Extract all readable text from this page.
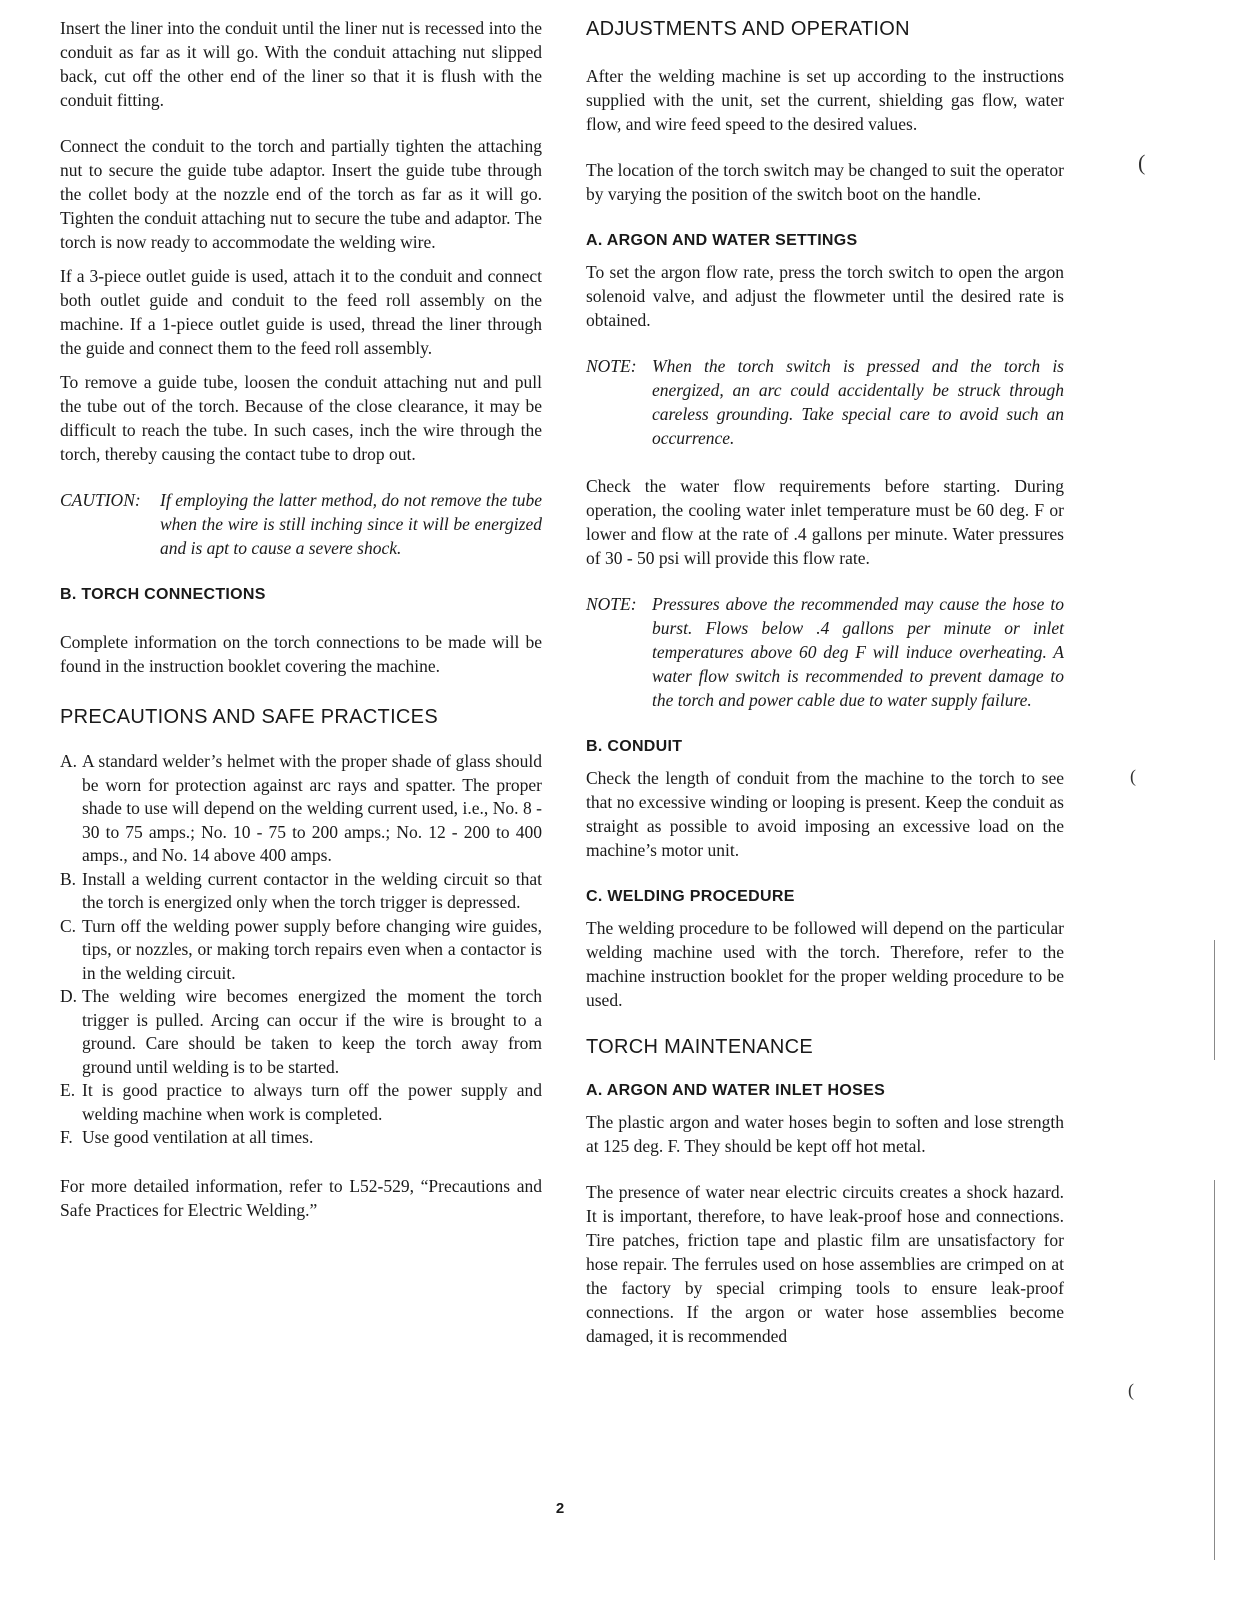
Insert the liner into the conduit until the liner nut is recessed into the conduit as far as it will go. With the conduit attaching nut slipped back, cut off the other end of the liner so that it is flush with the conduit fitting.

Connect the conduit to the torch and partially tighten the attaching nut to secure the guide tube adaptor. Insert the guide tube through the collet body at the nozzle end of the torch as far as it will go. Tighten the conduit attaching nut to secure the tube and adaptor. The torch is now ready to accommodate the welding wire.

If a 3-piece outlet guide is used, attach it to the conduit and connect both outlet guide and conduit to the feed roll assembly on the machine. If a 1-piece outlet guide is used, thread the liner through the guide and connect them to the feed roll assembly.

To remove a guide tube, loosen the conduit attaching nut and pull the tube out of the torch. Because of the close clearance, it may be difficult to reach the tube. In such cases, inch the wire through the torch, thereby causing the contact tube to drop out.

CAUTION:	If employing the latter method, do not remove the tube when the wire is still inching since it will be energized and is apt to cause a severe shock.
B. TORCH CONNECTIONS

Complete information on the torch connections to be made will be found in the instruction booklet covering the machine.

PRECAUTIONS AND SAFE PRACTICES
A. A standard welder’s helmet with the proper shade of glass should be worn for protection against arc rays and spatter. The proper shade to use will depend on the welding current used, i.e., No. 8 - 30 to 75 amps.; No. 10 - 75 to 200 amps.; No. 12 - 200 to 400 amps., and No. 14 above 400 amps.
B. Install a welding current contactor in the welding circuit so that the torch is energized only when the torch trigger is depressed.
C. Turn off the welding power supply before changing wire guides, tips, or nozzles, or making torch repairs even when a contactor is in the welding circuit.
D. The welding wire becomes energized the moment the torch trigger is pulled. Arcing can occur if the wire is brought to a ground. Care should be taken to keep the torch away from ground until welding is to be started.
E. It is good practice to always turn off the power supply and welding machine when work is completed.
F. Use good ventilation at all times.

For more detailed information, refer to L52-529, “Precautions and Safe Practices for Electric Welding.”

ADJUSTMENTS AND OPERATION

After the welding machine is set up according to the instructions supplied with the unit, set the current, shielding gas flow, water flow, and wire feed speed to the desired values.

The location of the torch switch may be changed to suit the operator by varying the position of the switch boot on the handle.

A. ARGON AND WATER SETTINGS

To set the argon flow rate, press the torch switch to open the argon solenoid valve, and adjust the flowmeter until the desired rate is obtained.

NOTE: When the torch switch is pressed and the torch is energized, an arc could accidentally be struck through careless grounding. Take special care to avoid such an occurrence.

Check the water flow requirements before starting. During operation, the cooling water inlet temperature must be 60 deg. F or lower and flow at the rate of .4 gallons per minute. Water pressures of 30 - 50 psi will provide this flow rate.

NOTE: Pressures above the recommended may cause the hose to burst. Flows below .4 gallons per minute or inlet temperatures above 60 deg F will induce overheating. A water flow switch is recommended to prevent damage to the torch and power cable due to water supply failure.
B. CONDUIT

Check the length of conduit from the machine to the torch to see that no excessive winding or looping is present. Keep the conduit as straight as possible to avoid imposing an excessive load on the machine’s motor unit.

C. WELDING PROCEDURE

The welding procedure to be followed will depend on the particular welding machine used with the torch. Therefore, refer to the machine instruction booklet for the proper welding procedure to be used.

TORCH MAINTENANCE
A. ARGON AND WATER INLET HOSES

The plastic argon and water hoses begin to soften and lose strength at 125 deg. F. They should be kept off hot metal.

The presence of water near electric circuits creates a shock hazard. It is important, therefore, to have leak-proof hose and connections. Tire patches, friction tape and plastic film are unsatisfactory for hose repair. The ferrules used on hose assemblies are crimped on at the factory by special crimping tools to ensure leak-proof connections. If the argon or water hose assemblies become damaged, it is recommended

2
(
(
(
